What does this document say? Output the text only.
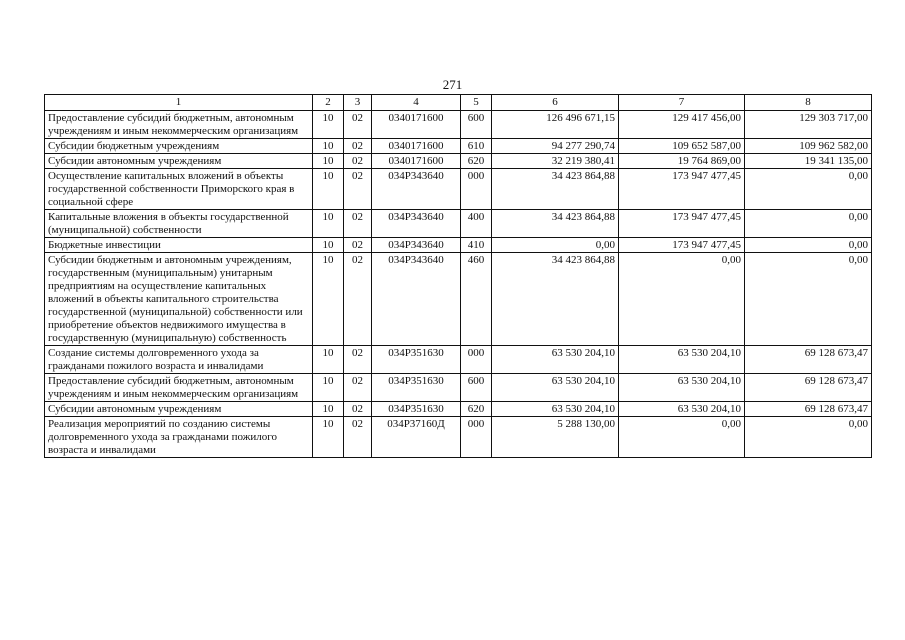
271
1	2	3	4	5	6	7	8
Предоставление субсидий бюджетным, автономным учреждениям и иным некоммерческим организациям	10	02	0340171600	600	126 496 671,15	129 417 456,00	129 303 717,00
Субсидии бюджетным учреждениям	10	02	0340171600	610	94 277 290,74	109 652 587,00	109 962 582,00
Субсидии автономным учреждениям	10	02	0340171600	620	32 219 380,41	19 764 869,00	19 341 135,00
Осуществление капитальных вложений в объекты государственной собственности Приморского края в социальной сфере	10	02	034P343640	000	34 423 864,88	173 947 477,45	0,00
Капитальные вложения в объекты государственной (муниципальной) собственности	10	02	034P343640	400	34 423 864,88	173 947 477,45	0,00
Бюджетные инвестиции	10	02	034P343640	410	0,00	173 947 477,45	0,00
Субсидии бюджетным и автономным учреждениям, государственным (муниципальным) унитарным предприятиям на осуществление капитальных вложений в объекты капитального строительства государственной (муниципальной) собственности или приобретение объектов недвижимого имущества в государственную (муниципальную) собственность	10	02	034P343640	460	34 423 864,88	0,00	0,00
Создание системы долговременного ухода за гражданами пожилого возраста и инвалидами	10	02	034P351630	000	63 530 204,10	63 530 204,10	69 128 673,47
Предоставление субсидий бюджетным, автономным учреждениям и иным некоммерческим организациям	10	02	034P351630	600	63 530 204,10	63 530 204,10	69 128 673,47
Субсидии автономным учреждениям	10	02	034P351630	620	63 530 204,10	63 530 204,10	69 128 673,47
Реализация мероприятий по созданию системы долговременного ухода за гражданами пожилого возраста и инвалидами	10	02	034P37160Д	000	5 288 130,00	0,00	0,00
